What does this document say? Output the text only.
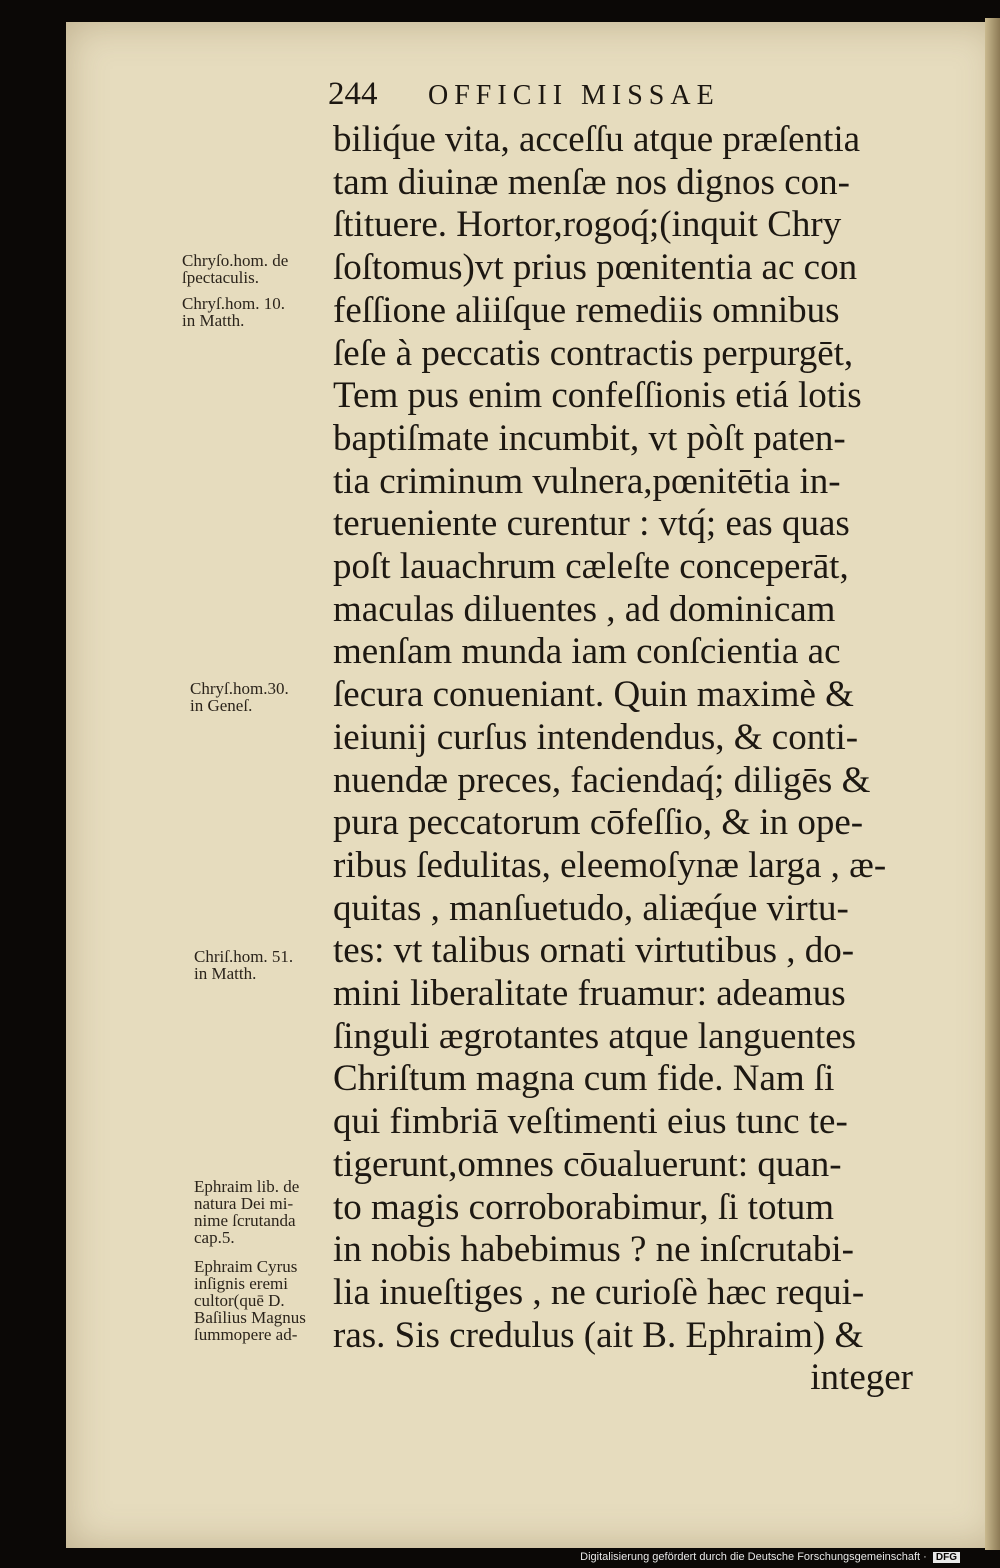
244 OFFICII MISSAE
biliq́ue vita, acceſſu atque præſentia
tam diuinæ menſæ nos dignos con-
ſtituere. Hortor,rogoq́;(inquit Chry
ſoſtomus)vt prius pœnitentia ac con
feſſione aliiſque remediis omnibus
ſeſe à peccatis contractis perpurgēt,
Tem pus enim confeſſionis etiá lotis
baptiſmate incumbit, vt pòſt paten-
tia criminum vulnera,pœnitētia in-
teruenientе curentur : vtq́; eas quas
poſt lauachrum cæleſte conceperāt,
maculas diluentes , ad dominicam
menſam munda iam conſcientia ac
ſecura conueniant. Quin maximè &
ieiunij curſus intendendus, & conti-
nuendæ preces, faciendaq́; diligēs &
pura peccatorum cōfeſſio, & in ope-
ribus ſedulitas, eleemoſynæ larga , æ-
quitas , manſuetudo, aliæq́ue virtu-
tes: vt talibus ornati virtutibus , do-
mini liberalitate fruamur: adeamus
ſinguli ægrotantes atque languentes
Chriſtum magna cum fide. Nam ſi
qui fimbriā veſtimenti eius tunc te-
tigerunt,omnes cōualuerunt: quan-
to magis corroborabimur, ſi totum
in nobis habebimus ? ne inſcrutabi-
lia inueſtiges , ne curioſè hæc requi-
ras. Sis credulus (ait B. Ephraim) &
integer
Chryſo.hom. de
ſpectaculis.
Chryſ.hom. 10.
in Matth.
Chryſ.hom.30.
in Geneſ.
Chriſ.hom. 51.
in Matth.
Ephraim lib. de
natura Dei mi-
nime ſcrutanda
cap.5.
Ephraim Cyrus
inſignis eremi
cultor(quē D.
Baſilius Magnus
ſummopere ad-
Digitalisierung gefördert durch die Deutsche Forschungsgemeinschaft · DFG
